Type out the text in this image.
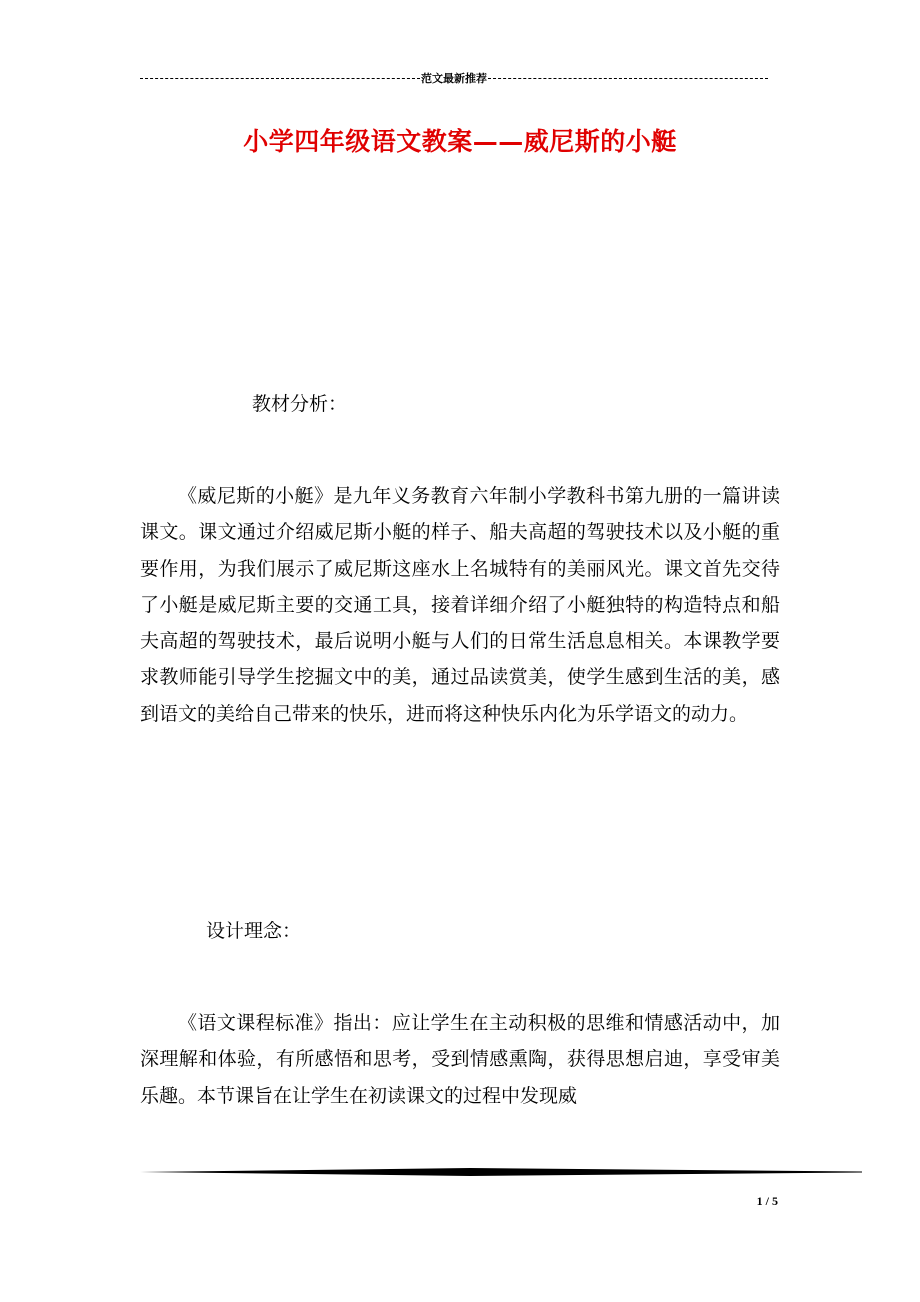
范文最新推荐
小学四年级语文教案——威尼斯的小艇
教材分析：

《威尼斯的小艇》是九年义务教育六年制小学教科书第九册的一篇讲读课文。课文通过介绍威尼斯小艇的样子、船夫高超的驾驶技术以及小艇的重要作用，为我们展示了威尼斯这座水上名城特有的美丽风光。课文首先交待了小艇是威尼斯主要的交通工具，接着详细介绍了小艇独特的构造特点和船夫高超的驾驶技术，最后说明小艇与人们的日常生活息息相关。本课教学要求教师能引导学生挖掘文中的美，通过品读赏美，使学生感到生活的美，感到语文的美给自己带来的快乐，进而将这种快乐内化为乐学语文的动力。

设计理念：

《语文课程标准》指出：应让学生在主动积极的思维和情感活动中，加深理解和体验，有所感悟和思考，受到情感熏陶，获得思想启迪，享受审美乐趣。本节课旨在让学生在初读课文的过程中发现威

1 / 5
